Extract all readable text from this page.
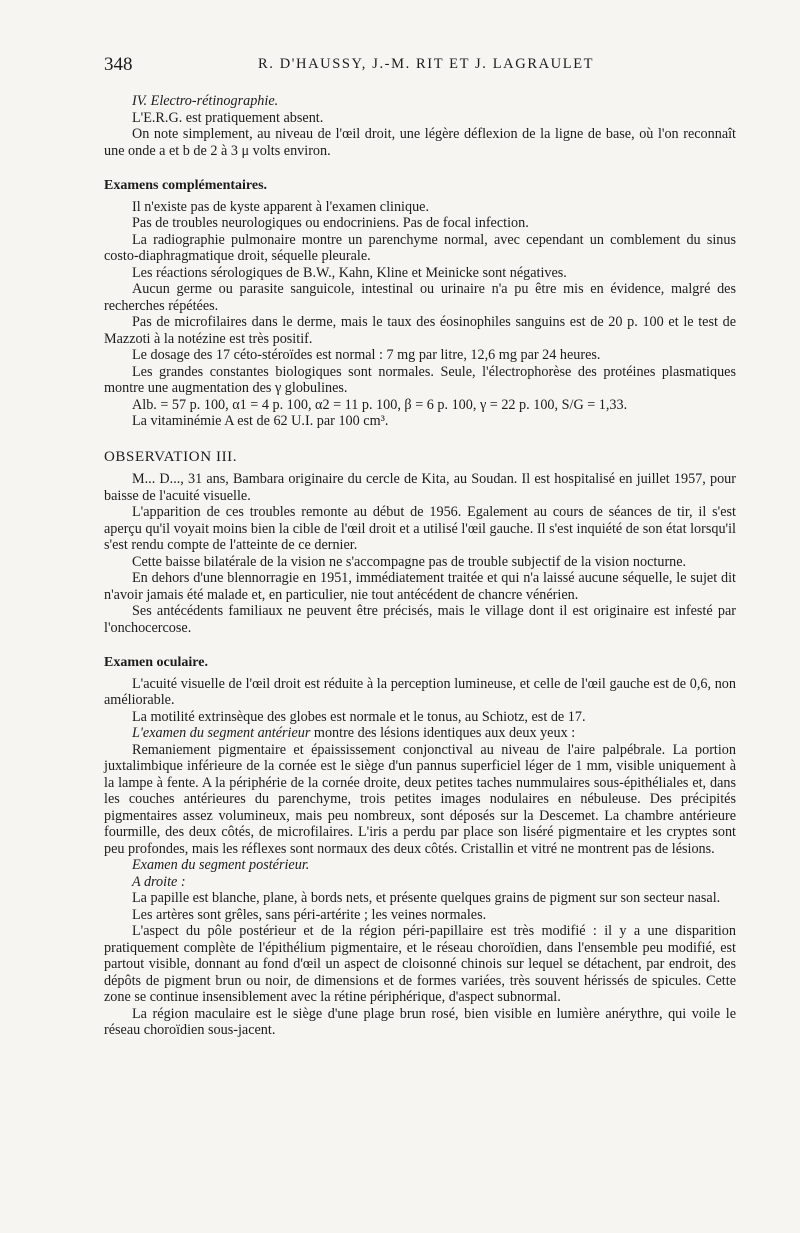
348	R. D'HAUSSY, J.-M. RIT ET J. LAGRAULET

IV. Electro-rétinographie.

L'E.R.G. est pratiquement absent.

On note simplement, au niveau de l'œil droit, une légère déflexion de la ligne de base, où l'on reconnaît une onde a et b de 2 à 3 μ volts environ.

Examens complémentaires.

Il n'existe pas de kyste apparent à l'examen clinique.

Pas de troubles neurologiques ou endocriniens. Pas de focal infection.

La radiographie pulmonaire montre un parenchyme normal, avec cependant un comblement du sinus costo-diaphragmatique droit, séquelle pleurale.

Les réactions sérologiques de B.W., Kahn, Kline et Meinicke sont négatives.

Aucun germe ou parasite sanguicole, intestinal ou urinaire n'a pu être mis en évidence, malgré des recherches répétées.

Pas de microfilaires dans le derme, mais le taux des éosinophiles sanguins est de 20 p. 100 et le test de Mazzoti à la notézine est très positif.

Le dosage des 17 céto-stéroïdes est normal : 7 mg par litre, 12,6 mg par 24 heures.

Les grandes constantes biologiques sont normales. Seule, l'électrophorèse des protéines plasmatiques montre une augmentation des γ globulines.

Alb. = 57 p. 100, α1 = 4 p. 100, α2 = 11 p. 100, β = 6 p. 100, γ = 22 p. 100, S/G = 1,33.

La vitaminémie A est de 62 U.I. par 100 cm³.

OBSERVATION III.

M... D..., 31 ans, Bambara originaire du cercle de Kita, au Soudan. Il est hospitalisé en juillet 1957, pour baisse de l'acuité visuelle.

L'apparition de ces troubles remonte au début de 1956. Egalement au cours de séances de tir, il s'est aperçu qu'il voyait moins bien la cible de l'œil droit et a utilisé l'œil gauche. Il s'est inquiété de son état lorsqu'il s'est rendu compte de l'atteinte de ce dernier.

Cette baisse bilatérale de la vision ne s'accompagne pas de trouble subjectif de la vision nocturne.

En dehors d'une blennorragie en 1951, immédiatement traitée et qui n'a laissé aucune séquelle, le sujet dit n'avoir jamais été malade et, en particulier, nie tout antécédent de chancre vénérien.

Ses antécédents familiaux ne peuvent être précisés, mais le village dont il est originaire est infesté par l'onchocercose.

Examen oculaire.

L'acuité visuelle de l'œil droit est réduite à la perception lumineuse, et celle de l'œil gauche est de 0,6, non améliorable.

La motilité extrinsèque des globes est normale et le tonus, au Schiotz, est de 17.

L'examen du segment antérieur montre des lésions identiques aux deux yeux :

Remaniement pigmentaire et épaississement conjonctival au niveau de l'aire palpébrale. La portion juxtalimbique inférieure de la cornée est le siège d'un pannus superficiel léger de 1 mm, visible uniquement à la lampe à fente. A la périphérie de la cornée droite, deux petites taches nummulaires sous-épithéliales et, dans les couches antérieures du parenchyme, trois petites images nodulaires en nébuleuse. Des précipités pigmentaires assez volumineux, mais peu nombreux, sont déposés sur la Descemet. La chambre antérieure fourmille, des deux côtés, de microfilaires. L'iris a perdu par place son liséré pigmentaire et les cryptes sont peu profondes, mais les réflexes sont normaux des deux côtés. Cristallin et vitré ne montrent pas de lésions.

Examen du segment postérieur.

A droite :

La papille est blanche, plane, à bords nets, et présente quelques grains de pigment sur son secteur nasal.

Les artères sont grêles, sans péri-artérite ; les veines normales.

L'aspect du pôle postérieur et de la région péri-papillaire est très modifié : il y a une disparition pratiquement complète de l'épithélium pigmentaire, et le réseau choroïdien, dans l'ensemble peu modifié, est partout visible, donnant au fond d'œil un aspect de cloisonné chinois sur lequel se détachent, par endroit, des dépôts de pigment brun ou noir, de dimensions et de formes variées, très souvent hérissés de spicules. Cette zone se continue insensiblement avec la rétine périphérique, d'aspect subnormal.

La région maculaire est le siège d'une plage brun rosé, bien visible en lumière anérythre, qui voile le réseau choroïdien sous-jacent.
